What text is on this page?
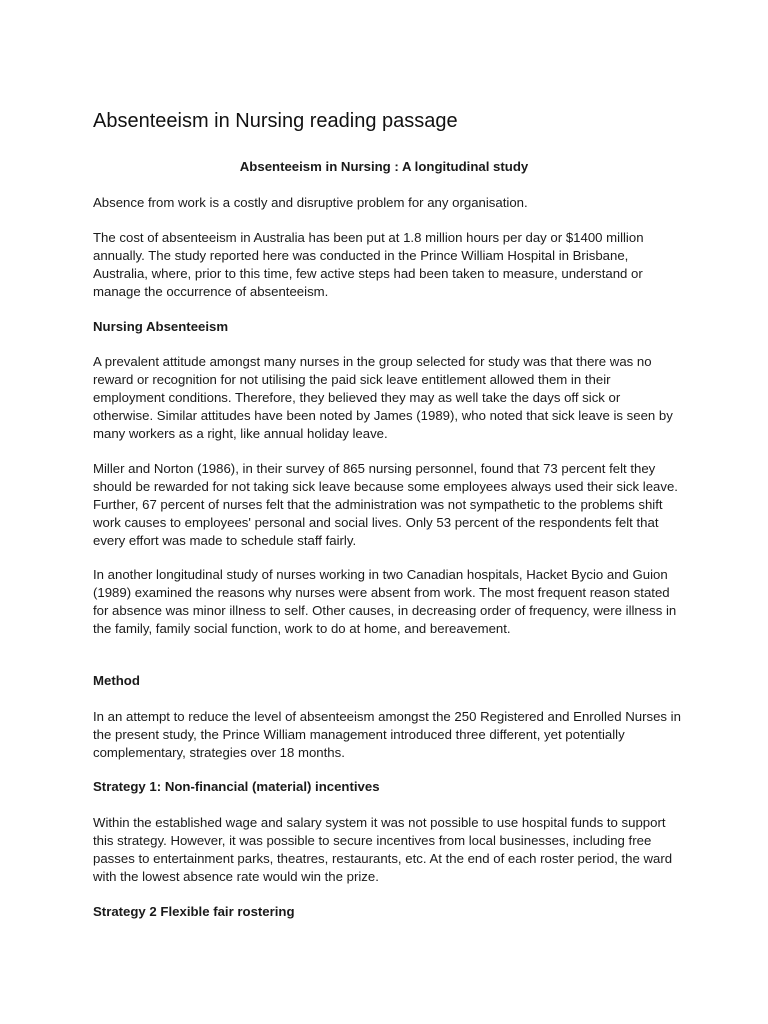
Absenteeism in Nursing reading passage
Absenteeism in Nursing : A longitudinal study

Absence from work is a costly and disruptive problem for any organisation.

The cost of absenteeism in Australia has been put at 1.8 million hours per day or $1400 million annually. The study reported here was conducted in the Prince William Hospital in Brisbane, Australia, where, prior to this time, few active steps had been taken to measure, understand or manage the occurrence of absenteeism.

Nursing Absenteeism

A prevalent attitude amongst many nurses in the group selected for study was that there was no reward or recognition for not utilising the paid sick leave entitlement allowed them in their employment conditions. Therefore, they believed they may as well take the days off sick or otherwise. Similar attitudes have been noted by James (1989), who noted that sick leave is seen by many workers as a right, like annual holiday leave.

Miller and Norton (1986), in their survey of 865 nursing personnel, found that 73 percent felt they should be rewarded for not taking sick leave because some employees always used their sick leave. Further, 67 percent of nurses felt that the administration was not sympathetic to the problems shift work causes to employees' personal and social lives. Only 53 percent of the respondents felt that every effort was made to schedule staff fairly.

In another longitudinal study of nurses working in two Canadian hospitals, Hacket Bycio and Guion (1989) examined the reasons why nurses were absent from work. The most frequent reason stated for absence was minor illness to self. Other causes, in decreasing order of frequency, were illness in the family, family social function, work to do at home, and bereavement.

Method

In an attempt to reduce the level of absenteeism amongst the 250 Registered and Enrolled Nurses in the present study, the Prince William management introduced three different, yet potentially complementary, strategies over 18 months.

Strategy 1: Non-financial (material) incentives

Within the established wage and salary system it was not possible to use hospital funds to support this strategy. However, it was possible to secure incentives from local businesses, including free passes to entertainment parks, theatres, restaurants, etc. At the end of each roster period, the ward with the lowest absence rate would win the prize.

Strategy 2 Flexible fair rostering
